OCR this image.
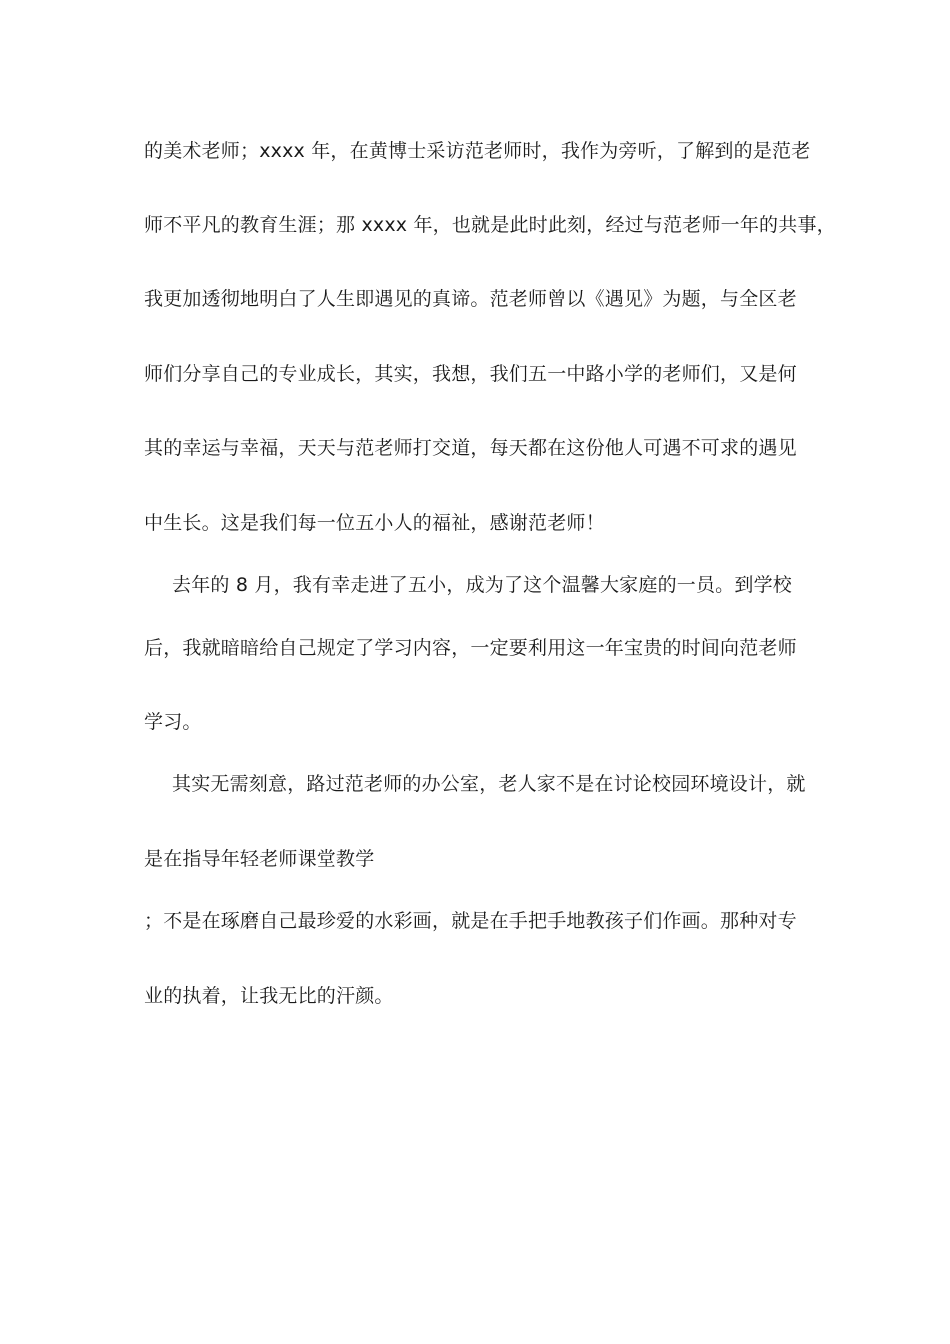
的美术老师；xxxx 年，在黄博士采访范老师时，我作为旁听，了解到的是范老
师不平凡的教育生涯；那 xxxx 年，也就是此时此刻，经过与范老师一年的共事，
我更加透彻地明白了人生即遇见的真谛。范老师曾以《遇见》为题，与全区老
师们分享自己的专业成长，其实，我想，我们五一中路小学的老师们，又是何
其的幸运与幸福，天天与范老师打交道，每天都在这份他人可遇不可求的遇见
中生长。这是我们每一位五小人的福祉，感谢范老师！
去年的 8 月，我有幸走进了五小，成为了这个温馨大家庭的一员。到学校
后，我就暗暗给自己规定了学习内容，一定要利用这一年宝贵的时间向范老师
学习。
其实无需刻意，路过范老师的办公室，老人家不是在讨论校园环境设计，就
是在指导年轻老师课堂教学
；不是在琢磨自己最珍爱的水彩画，就是在手把手地教孩子们作画。那种对专
业的执着，让我无比的汗颜。
